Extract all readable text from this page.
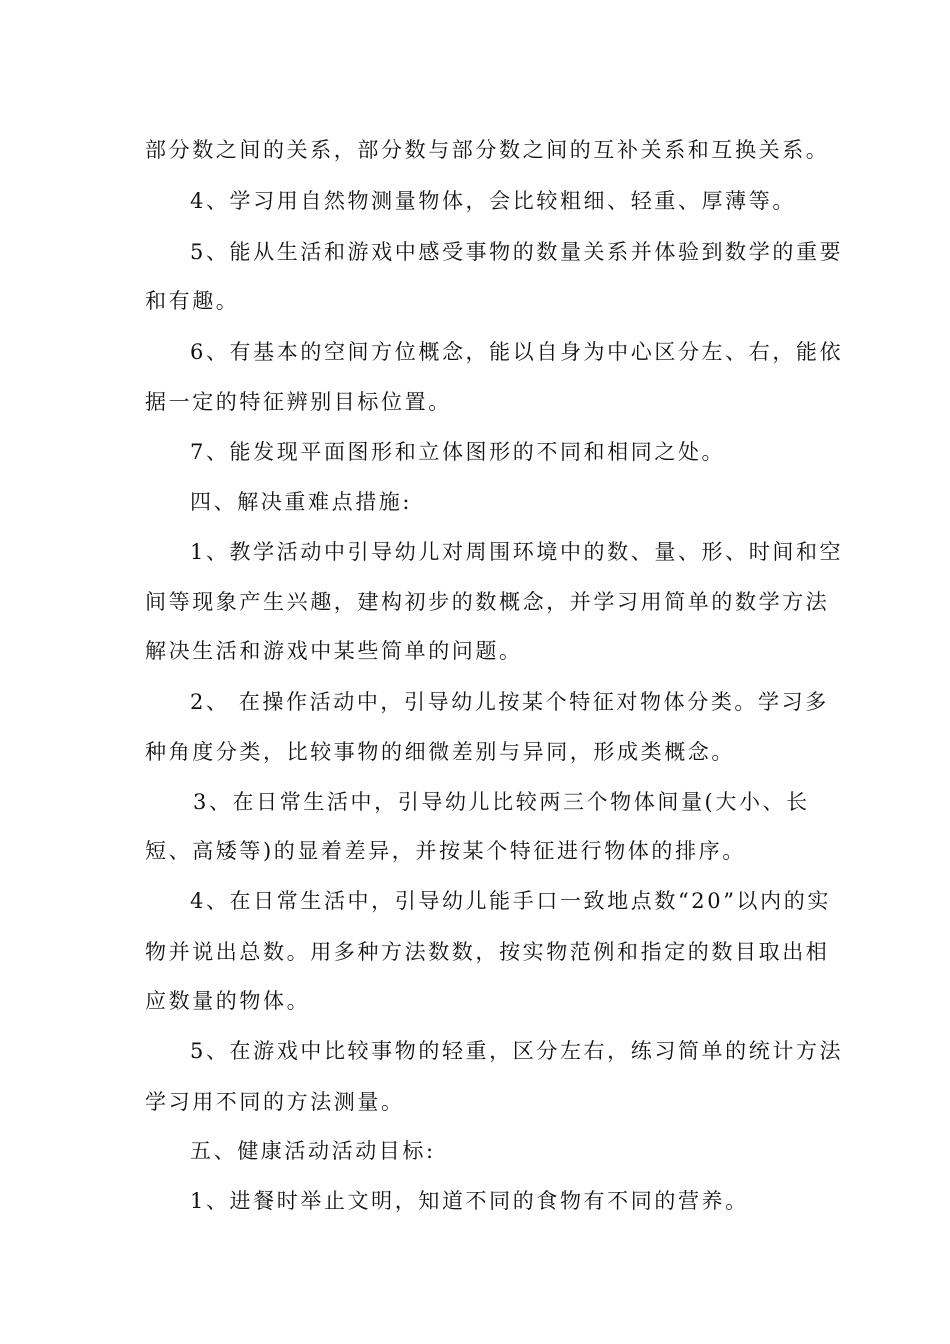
部分数之间的关系，部分数与部分数之间的互补关系和互换关系。
4、学习用自然物测量物体，会比较粗细、轻重、厚薄等。
5、能从生活和游戏中感受事物的数量关系并体验到数学的重要
和有趣。
6、有基本的空间方位概念，能以自身为中心区分左、右，能依
据一定的特征辨别目标位置。
7、能发现平面图形和立体图形的不同和相同之处。
四、解决重难点措施:
1、教学活动中引导幼儿对周围环境中的数、量、形、时间和空
间等现象产生兴趣，建构初步的数概念，并学习用简单的数学方法
解决生活和游戏中某些简单的问题。
2、 在操作活动中，引导幼儿按某个特征对物体分类。学习多
种角度分类，比较事物的细微差别与异同，形成类概念。
3、在日常生活中，引导幼儿比较两三个物体间量(大小、长
短、高矮等)的显着差异，并按某个特征进行物体的排序。
4、在日常生活中，引导幼儿能手口一致地点数“20”以内的实
物并说出总数。用多种方法数数，按实物范例和指定的数目取出相
应数量的物体。
5、在游戏中比较事物的轻重，区分左右，练习简单的统计方法
学习用不同的方法测量。
五、健康活动活动目标:
1、进餐时举止文明，知道不同的食物有不同的营养。
